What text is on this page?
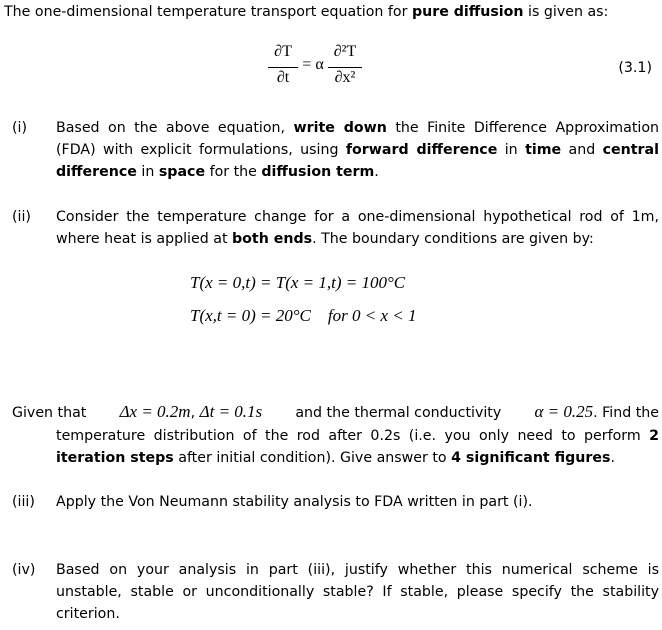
The one-dimensional temperature transport equation for pure diffusion is given as:
∂T
∂t
= α
∂²T
∂x²
(3.1)
(i) Based on the above equation, write down the Finite Difference Approximation (FDA) with explicit formulations, using forward difference in time and central difference in space for the diffusion term.
(ii) Consider the temperature change for a one-dimensional hypothetical rod of 1m, where heat is applied at both ends. The boundary conditions are given by:
T(x = 0,t) = T(x = 1,t) = 100°C
T(x,t = 0) = 20°C for 0 < x < 1
Given that Δx = 0.2m, Δt = 0.1s and the thermal conductivity α = 0.25. Find the
temperature distribution of the rod after 0.2s (i.e. you only need to perform 2 iteration steps after initial condition). Give answer to 4 significant figures.
(iii) Apply the Von Neumann stability analysis to FDA written in part (i).
(iv) Based on your analysis in part (iii), justify whether this numerical scheme is unstable, stable or unconditionally stable? If stable, please specify the stability criterion.
